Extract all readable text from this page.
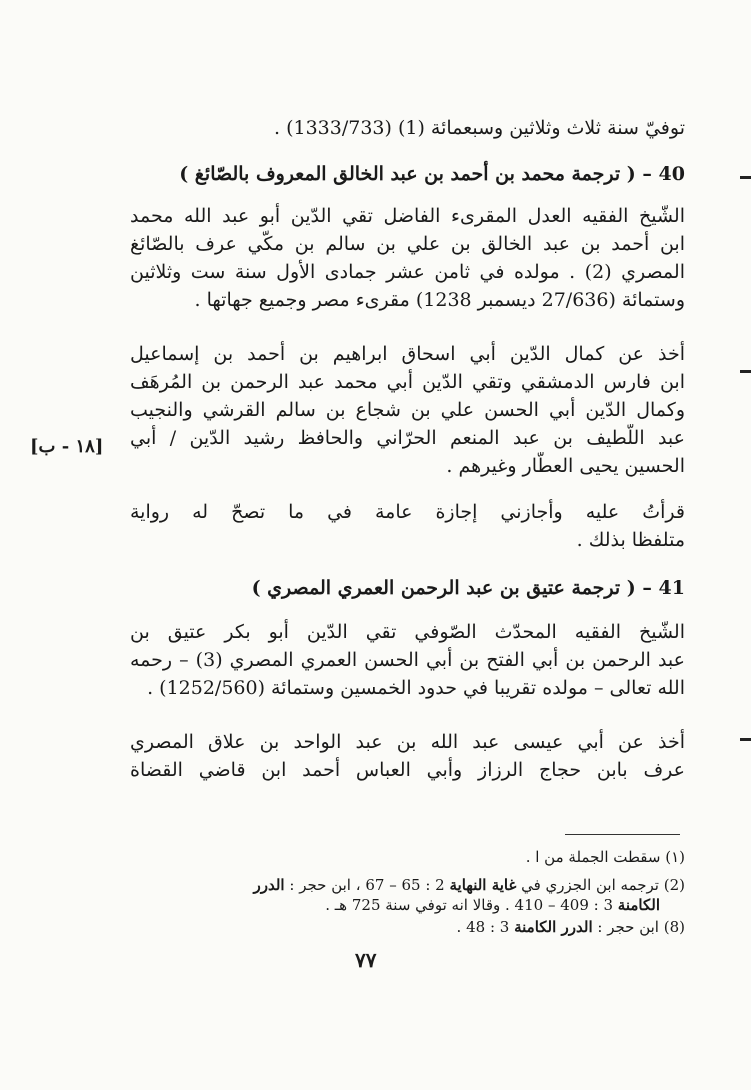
توفيّ سنة ثلاث وثلاثين وسبعمائة (1) (1333/733) .
40 – ( ترجمة محمد بن أحمد بن عبد الخالق المعروف بالصّائغ )
الشّيخ الفقيه العدل المقرىء الفاضل تقي الدّين أبو عبد الله محمد
ابن أحمد بن عبد الخالق بن علي بن سالم بن مكّي عرف بالصّائغ
المصري (2) . مولده في ثامن عشر جمادى الأول سنة ست وثلاثين
وستمائة (27/636 ديسمبر 1238) مقرىء مصر وجميع جهاتها .
أخذ عن كمال الدّين أبي اسحاق ابراهيم بن أحمد بن إسماعيل
ابن فارس الدمشقي وتقي الدّين أبي محمد عبد الرحمن بن المُرهَف
وكمال الدّين أبي الحسن علي بن شجاع بن سالم القرشي والنجيب
عبد اللّطيف بن عبد المنعم الحرّاني والحافظ رشيد الدّين / أبي
الحسين يحيى العطّار وغيرهم .
[١٨ - ب]
قرأتُ عليه وأجازني إجازة عامة في ما تصحّ له رواية
متلفظا بذلك .
41 – ( ترجمة عتيق بن عبد الرحمن العمري المصري )
الشّيخ الفقيه المحدّث الصّوفي تقي الدّين أبو بكر عتيق بن
عبد الرحمن بن أبي الفتح بن أبي الحسن العمري المصري (3) – رحمه
الله تعالى – مولده تقريبا في حدود الخمسين وستمائة (1252/560) .
أخذ عن أبي عيسى عبد الله بن عبد الواحد بن علاق المصري
عرف بابن حجاج الرزاز وأبي العباس أحمد ابن قاضي القضاة
(١) سقطت الجملة من ا .
(2) ترجمه ابن الجزري في غاية النهاية 2 : 65 – 67 ، ابن حجر : الدرر
الكامنة 3 : 409 – 410 . وقالا انه توفي سنة 725 هـ .
(8) ابن حجر : الدرر الكامنة 3 : 48 .
٧٧
